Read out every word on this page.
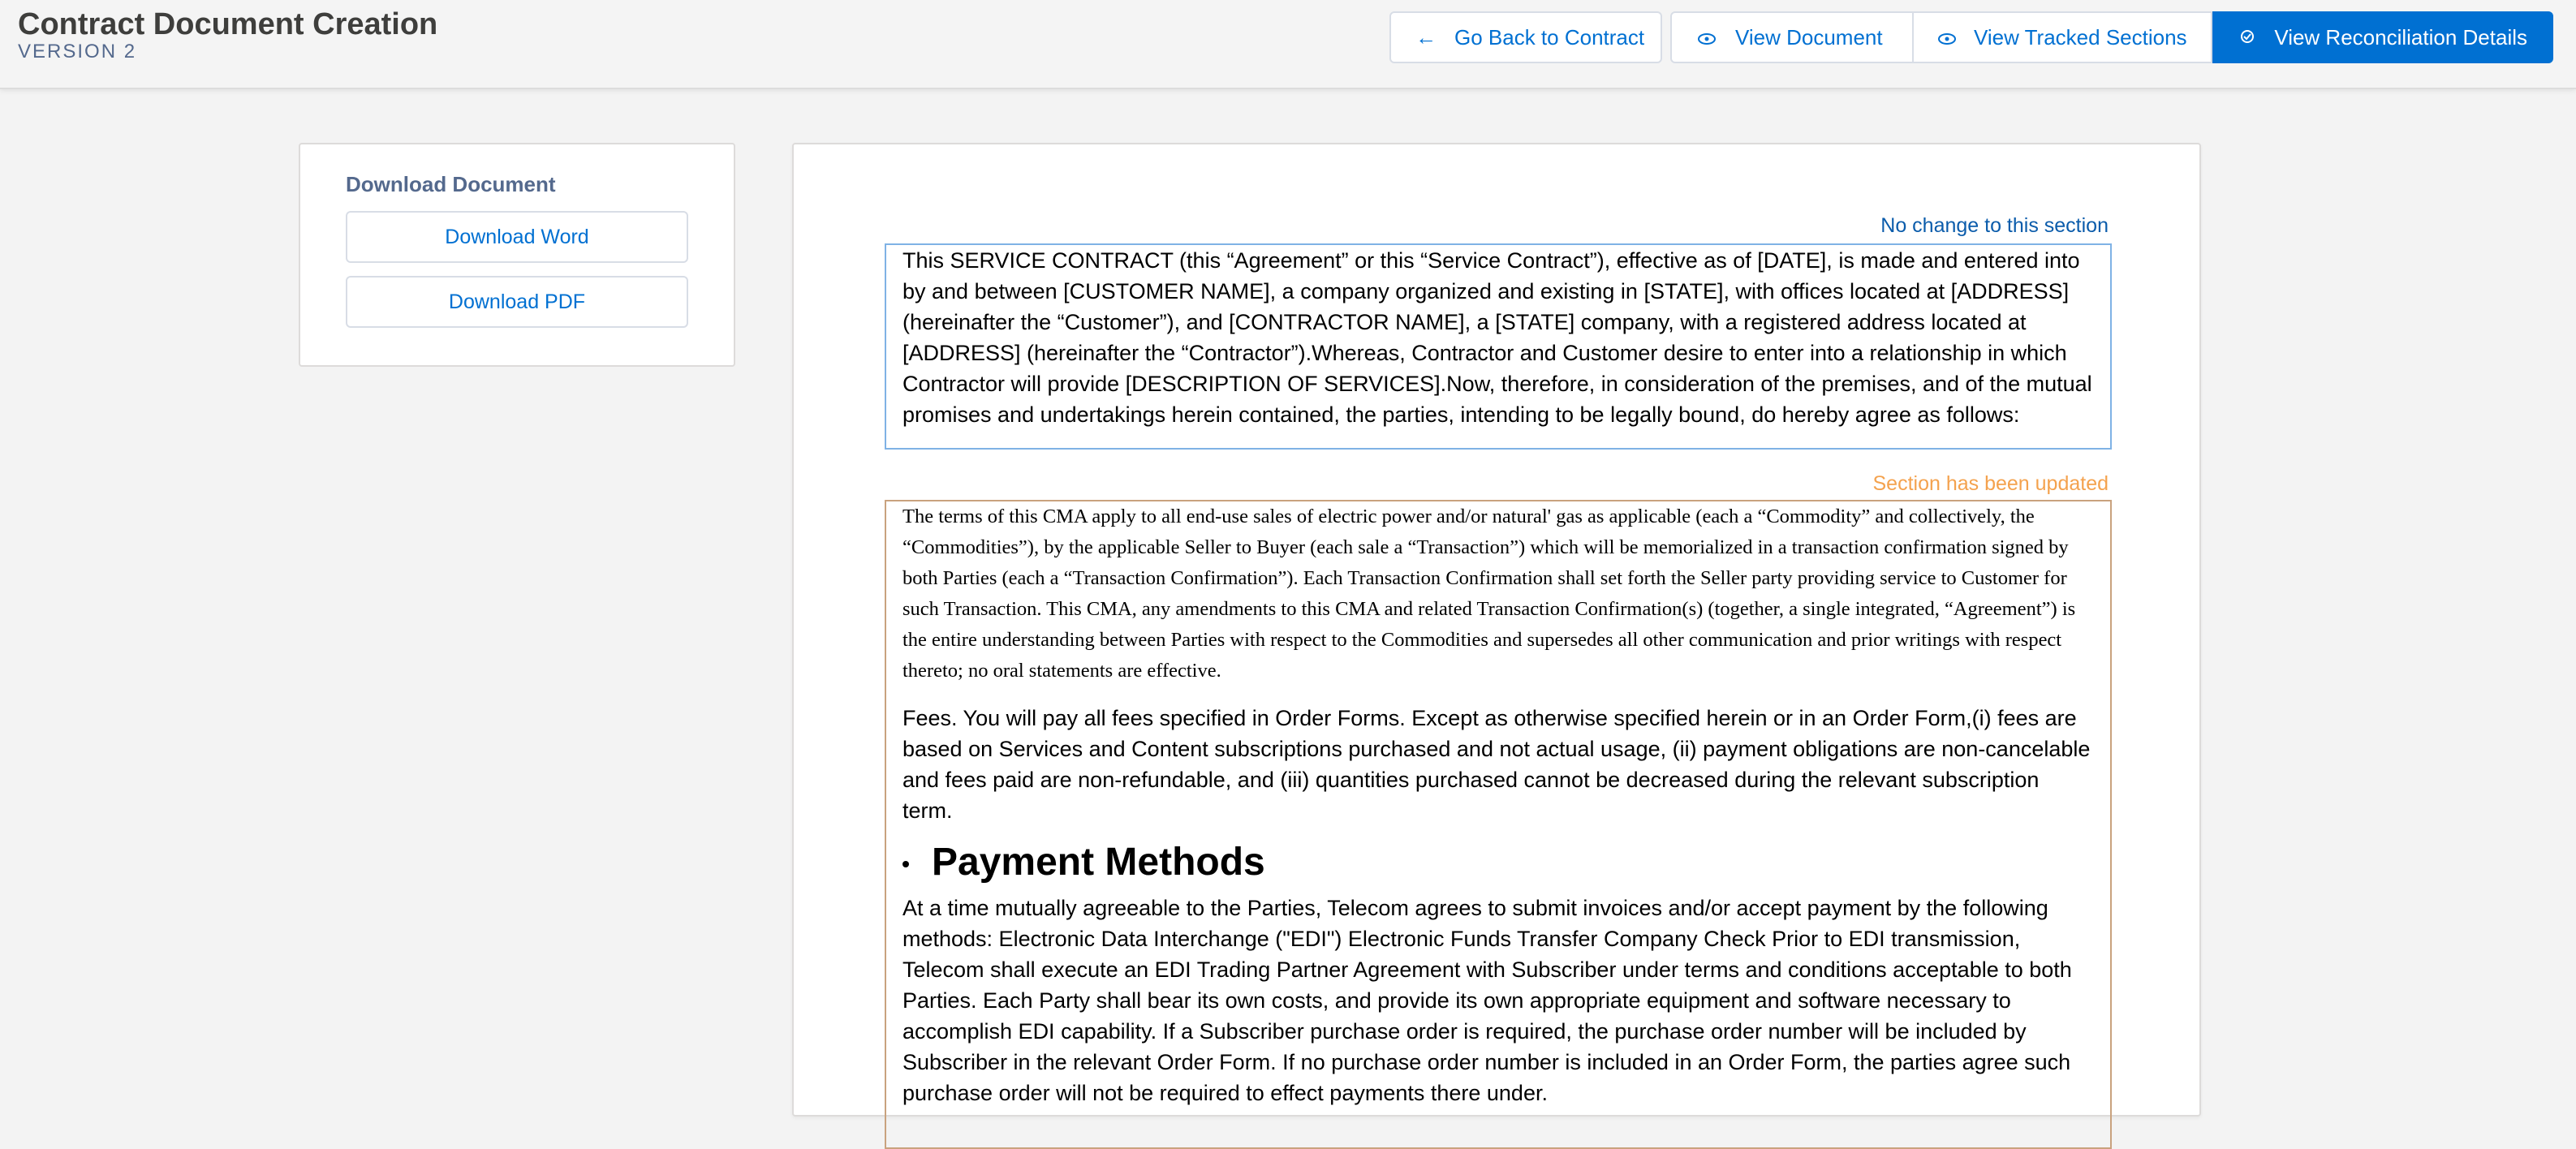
Contract Document Creation
VERSION 2
← Go Back to Contract	View Document	View Tracked Sections	View Reconciliation Details
Download Document
Download Word
Download PDF
No change to this section

This SERVICE CONTRACT (this “Agreement” or this “Service Contract”), effective as of [DATE], is made and entered into by and between [CUSTOMER NAME], a company organized and existing in [STATE], with offices located at [ADDRESS] (hereinafter the “Customer”), and [CONTRACTOR NAME], a [STATE] company, with a registered address located at [ADDRESS] (hereinafter the “Contractor”).Whereas, Contractor and Customer desire to enter into a relationship in which Contractor will provide [DESCRIPTION OF SERVICES].Now, therefore, in consideration of the premises, and of the mutual promises and undertakings herein contained, the parties, intending to be legally bound, do hereby agree as follows:

Section has been updated

The terms of this CMA apply to all end-use sales of electric power and/or natural' gas as applicable (each a “Commodity” and collectively, the “Commodities”), by the applicable Seller to Buyer (each sale a “Transaction”) which will be memorialized in a transaction confirmation signed by both Parties (each a “Transaction Confirmation”). Each Transaction Confirmation shall set forth the Seller party providing service to Customer for such Transaction. This CMA, any amendments to this CMA and related Transaction Confirmation(s) (together, a single integrated, “Agreement”) is the entire understanding between Parties with respect to the Commodities and supersedes all other communication and prior writings with respect thereto; no oral statements are effective.

Fees. You will pay all fees specified in Order Forms. Except as otherwise specified herein or in an Order Form,(i) fees are based on Services and Content subscriptions purchased and not actual usage, (ii) payment obligations are non-cancelable and fees paid are non-refundable, and (iii) quantities purchased cannot be decreased during the relevant subscription term.

Payment Methods

At a time mutually agreeable to the Parties, Telecom agrees to submit invoices and/or accept payment by the following methods: Electronic Data Interchange ("EDI") Electronic Funds Transfer Company Check Prior to EDI transmission, Telecom shall execute an EDI Trading Partner Agreement with Subscriber under terms and conditions acceptable to both Parties. Each Party shall bear its own costs, and provide its own appropriate equipment and software necessary to accomplish EDI capability. If a Subscriber purchase order is required, the purchase order number will be included by Subscriber in the relevant Order Form. If no purchase order number is included in an Order Form, the parties agree such purchase order will not be required to effect payments there under.
